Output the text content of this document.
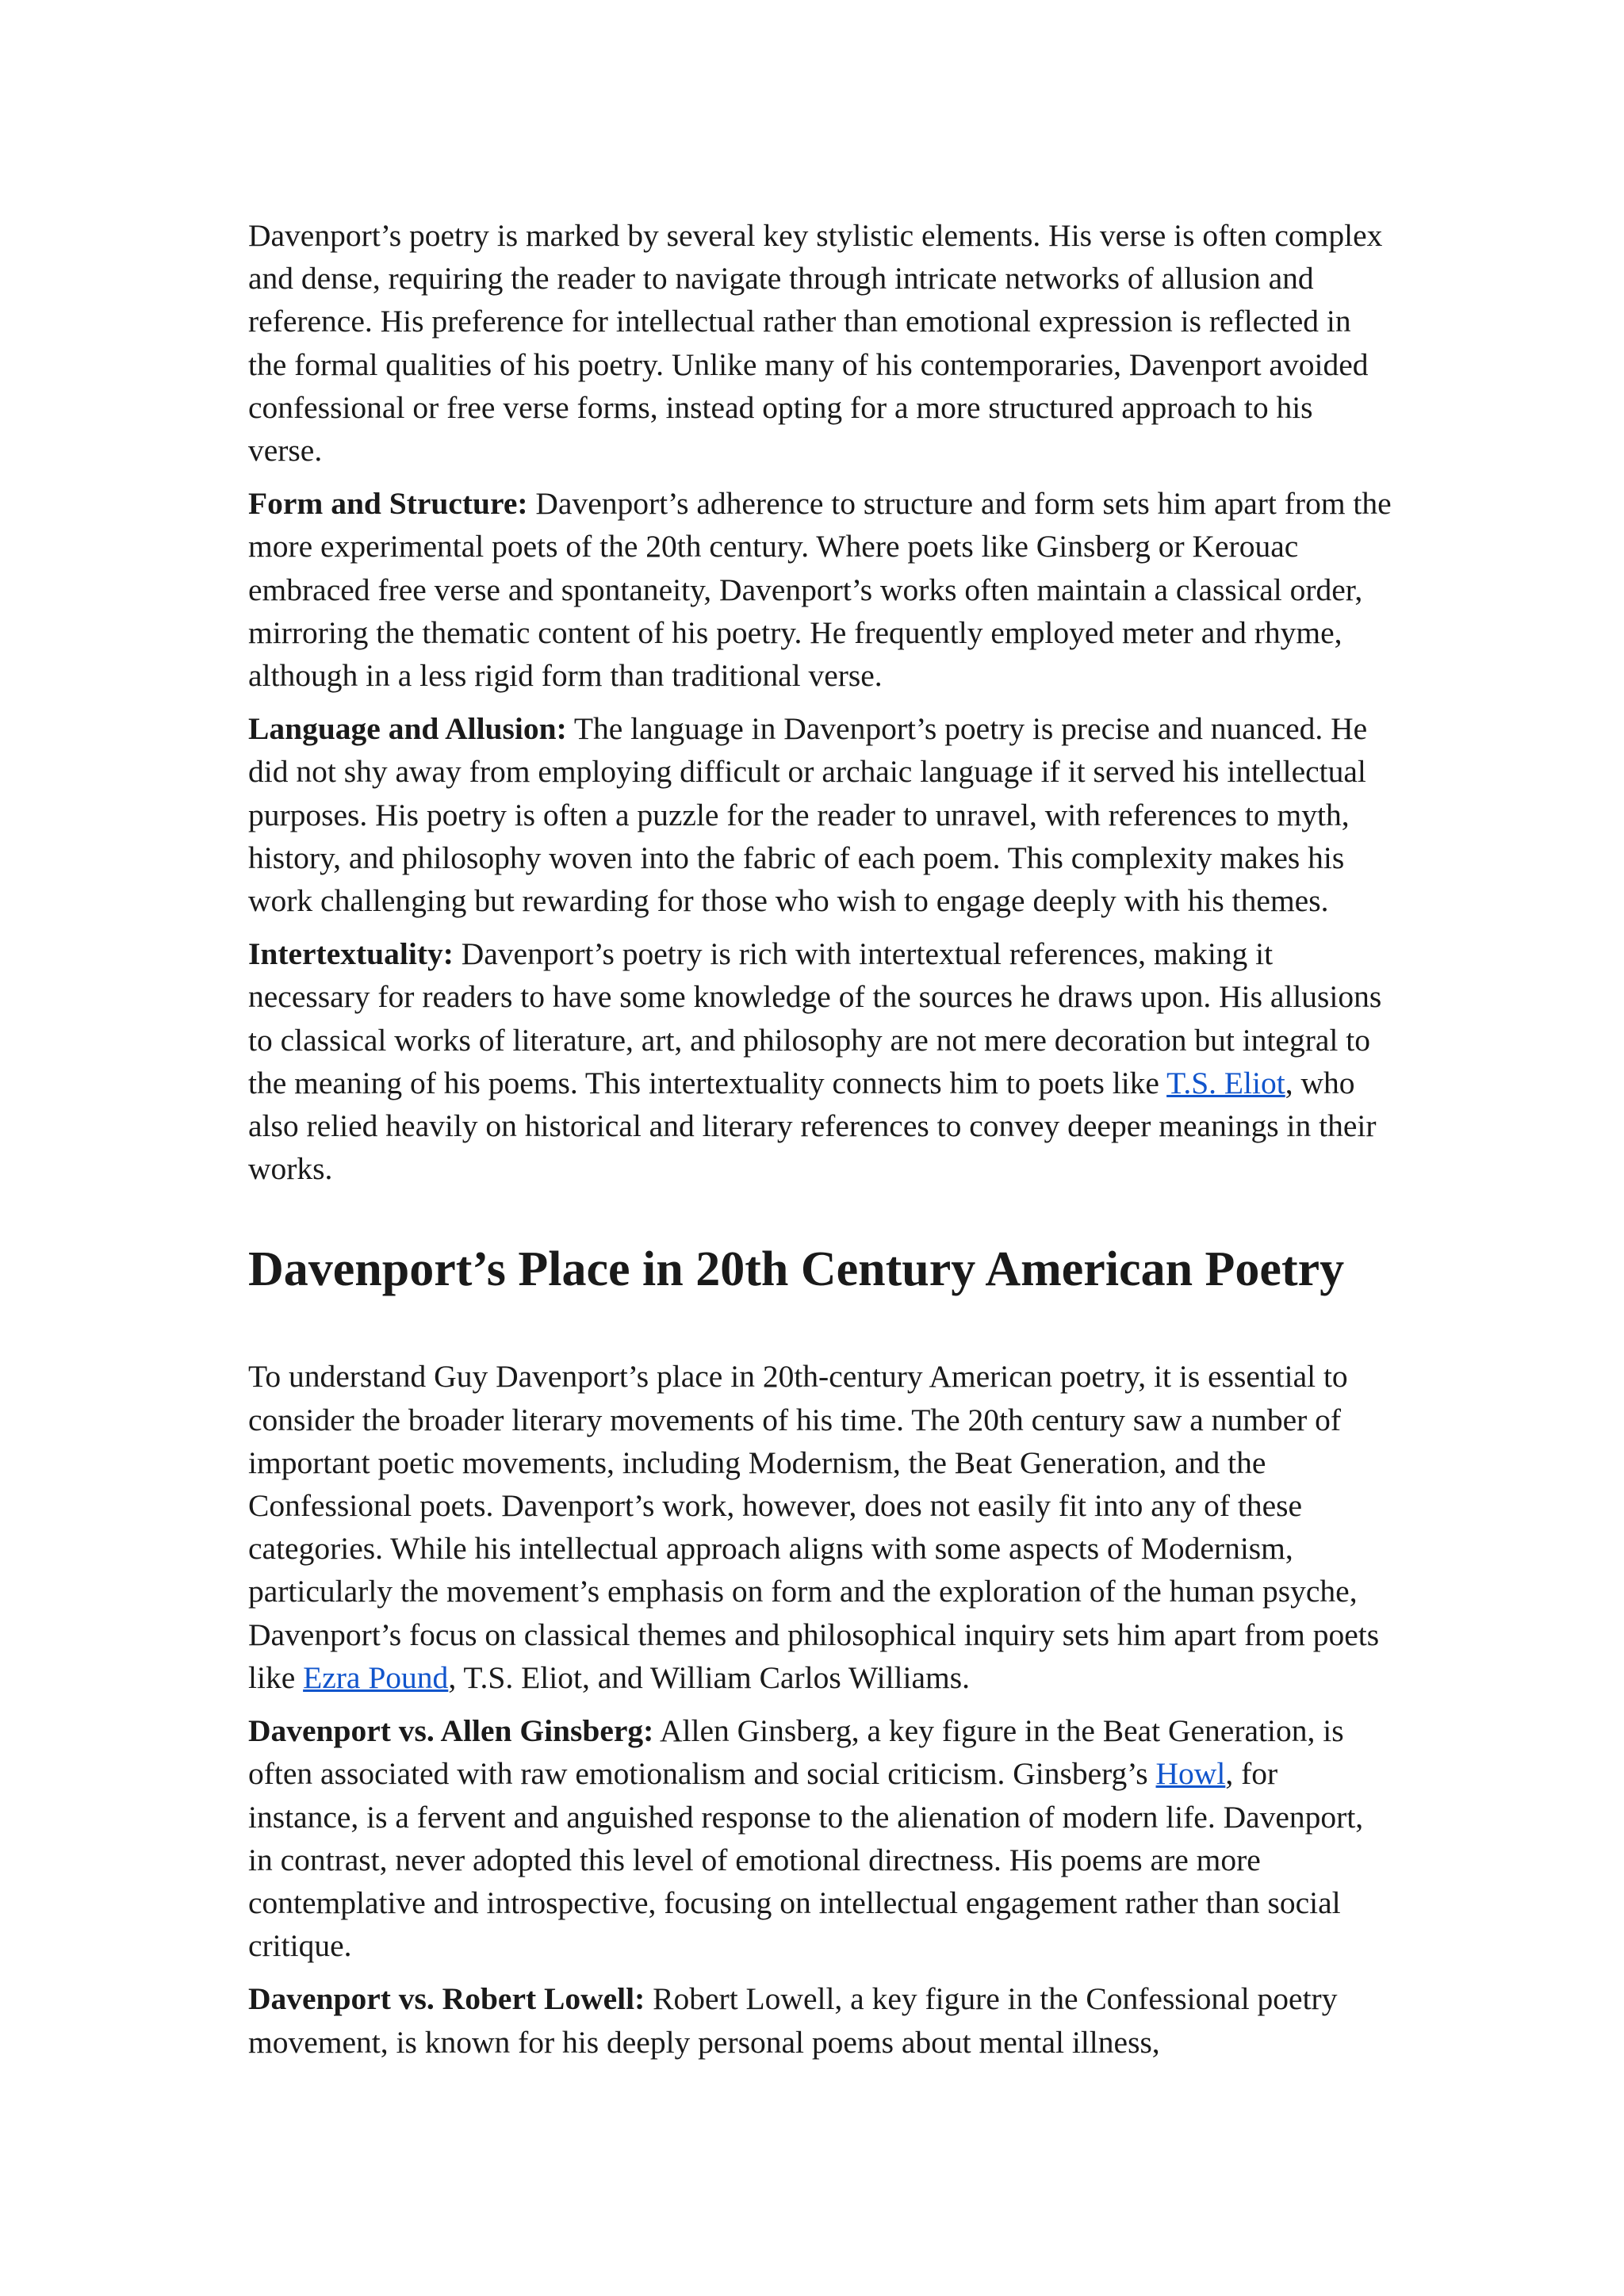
Davenport’s poetry is marked by several key stylistic elements. His verse is often complex and dense, requiring the reader to navigate through intricate networks of allusion and reference. His preference for intellectual rather than emotional expression is reflected in the formal qualities of his poetry. Unlike many of his contemporaries, Davenport avoided confessional or free verse forms, instead opting for a more structured approach to his verse.

Form and Structure: Davenport’s adherence to structure and form sets him apart from the more experimental poets of the 20th century. Where poets like Ginsberg or Kerouac embraced free verse and spontaneity, Davenport’s works often maintain a classical order, mirroring the thematic content of his poetry. He frequently employed meter and rhyme, although in a less rigid form than traditional verse.

Language and Allusion: The language in Davenport’s poetry is precise and nuanced. He did not shy away from employing difficult or archaic language if it served his intellectual purposes. His poetry is often a puzzle for the reader to unravel, with references to myth, history, and philosophy woven into the fabric of each poem. This complexity makes his work challenging but rewarding for those who wish to engage deeply with his themes.

Intertextuality: Davenport’s poetry is rich with intertextual references, making it necessary for readers to have some knowledge of the sources he draws upon. His allusions to classical works of literature, art, and philosophy are not mere decoration but integral to the meaning of his poems. This intertextuality connects him to poets like T.S. Eliot, who also relied heavily on historical and literary references to convey deeper meanings in their works.

Davenport’s Place in 20th Century American Poetry

To understand Guy Davenport’s place in 20th-century American poetry, it is essential to consider the broader literary movements of his time. The 20th century saw a number of important poetic movements, including Modernism, the Beat Generation, and the Confessional poets. Davenport’s work, however, does not easily fit into any of these categories. While his intellectual approach aligns with some aspects of Modernism, particularly the movement’s emphasis on form and the exploration of the human psyche, Davenport’s focus on classical themes and philosophical inquiry sets him apart from poets like Ezra Pound, T.S. Eliot, and William Carlos Williams.

Davenport vs. Allen Ginsberg: Allen Ginsberg, a key figure in the Beat Generation, is often associated with raw emotionalism and social criticism. Ginsberg’s Howl, for instance, is a fervent and anguished response to the alienation of modern life. Davenport, in contrast, never adopted this level of emotional directness. His poems are more contemplative and introspective, focusing on intellectual engagement rather than social critique.

Davenport vs. Robert Lowell: Robert Lowell, a key figure in the Confessional poetry movement, is known for his deeply personal poems about mental illness,
